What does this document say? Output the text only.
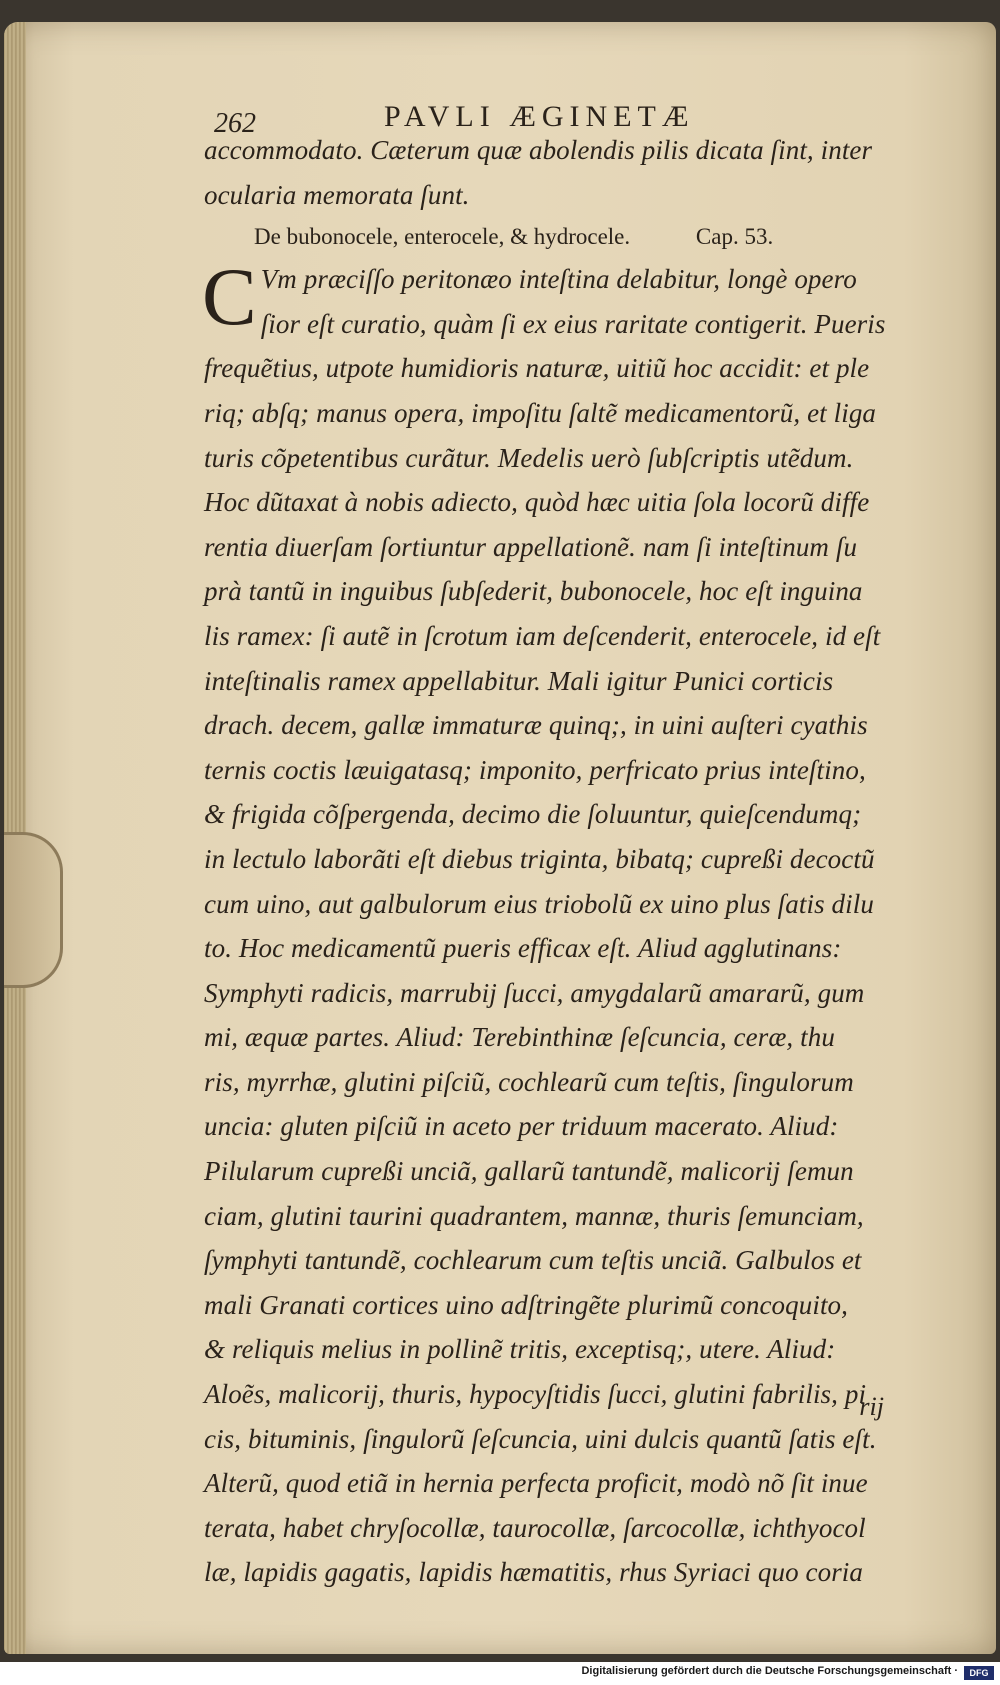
262	PAVLI ÆGINETÆ
accommodato. Cæterum quæ abolendis pilis dicata ſint, inter
ocularia memorata ſunt.
De bubonocele, enterocele, & hydrocele.	Cap. 53.
C Vm præciſſo peritonæo inteſtina delabitur, longè opero
ſior eſt curatio, quàm ſi ex eius raritate contigerit. Pueris
frequẽtius, utpote humidioris naturæ, uitiũ hoc accidit: et ple
riq; abſq; manus opera, impoſitu ſaltẽ medicamentorũ, et liga
turis cõpetentibus curãtur. Medelis uerò ſubſcriptis utẽdum.
Hoc dũtaxat à nobis adiecto, quòd hæc uitia ſola locorũ diffe
rentia diuerſam ſortiuntur appellationẽ. nam ſi inteſtinum ſu
prà tantũ in inguibus ſubſederit, bubonocele, hoc eſt inguina
lis ramex: ſi autẽ in ſcrotum iam deſcenderit, enterocele, id eſt
inteſtinalis ramex appellabitur. Mali igitur Punici corticis
drach. decem, gallæ immaturæ quinq;, in uini auſteri cyathis
ternis coctis læuigatasq; imponito, perfricato prius inteſtino,
& frigida cõſpergenda, decimo die ſoluuntur, quieſcendumq;
in lectulo laborãti eſt diebus triginta, bibatq; cupreßi decoctũ
cum uino, aut galbulorum eius triobolũ ex uino plus ſatis dilu
to. Hoc medicamentũ pueris efficax eſt. Aliud agglutinans:
Symphyti radicis, marrubij ſucci, amygdalarũ amararũ, gum
mi, æquæ partes. Aliud: Terebinthinæ ſeſcuncia, ceræ, thu
ris, myrrhæ, glutini piſciũ, cochlearũ cum teſtis, ſingulorum
uncia: gluten piſciũ in aceto per triduum macerato. Aliud:
Pilularum cupreßi unciã, gallarũ tantundẽ, malicorij ſemun
ciam, glutini taurini quadrantem, mannæ, thuris ſemunciam,
ſymphyti tantundẽ, cochlearum cum teſtis unciã. Galbulos et
mali Granati cortices uino adſtringẽte plurimũ concoquito,
& reliquis melius in pollinẽ tritis, exceptisq;, utere. Aliud:
Aloẽs, malicorij, thuris, hypocyſtidis ſucci, glutini fabrilis, pi
cis, bituminis, ſingulorũ ſeſcuncia, uini dulcis quantũ ſatis eſt.
Alterũ, quod etiã in hernia perfecta proficit, modò nõ ſit inue
terata, habet chryſocollæ, taurocollæ, ſarcocollæ, ichthyocol
læ, lapidis gagatis, lapidis hæmatitis, rhus Syriaci quo coria
rij
Digitalisierung gefördert durch die Deutsche Forschungsgemeinschaft ·	DFG
